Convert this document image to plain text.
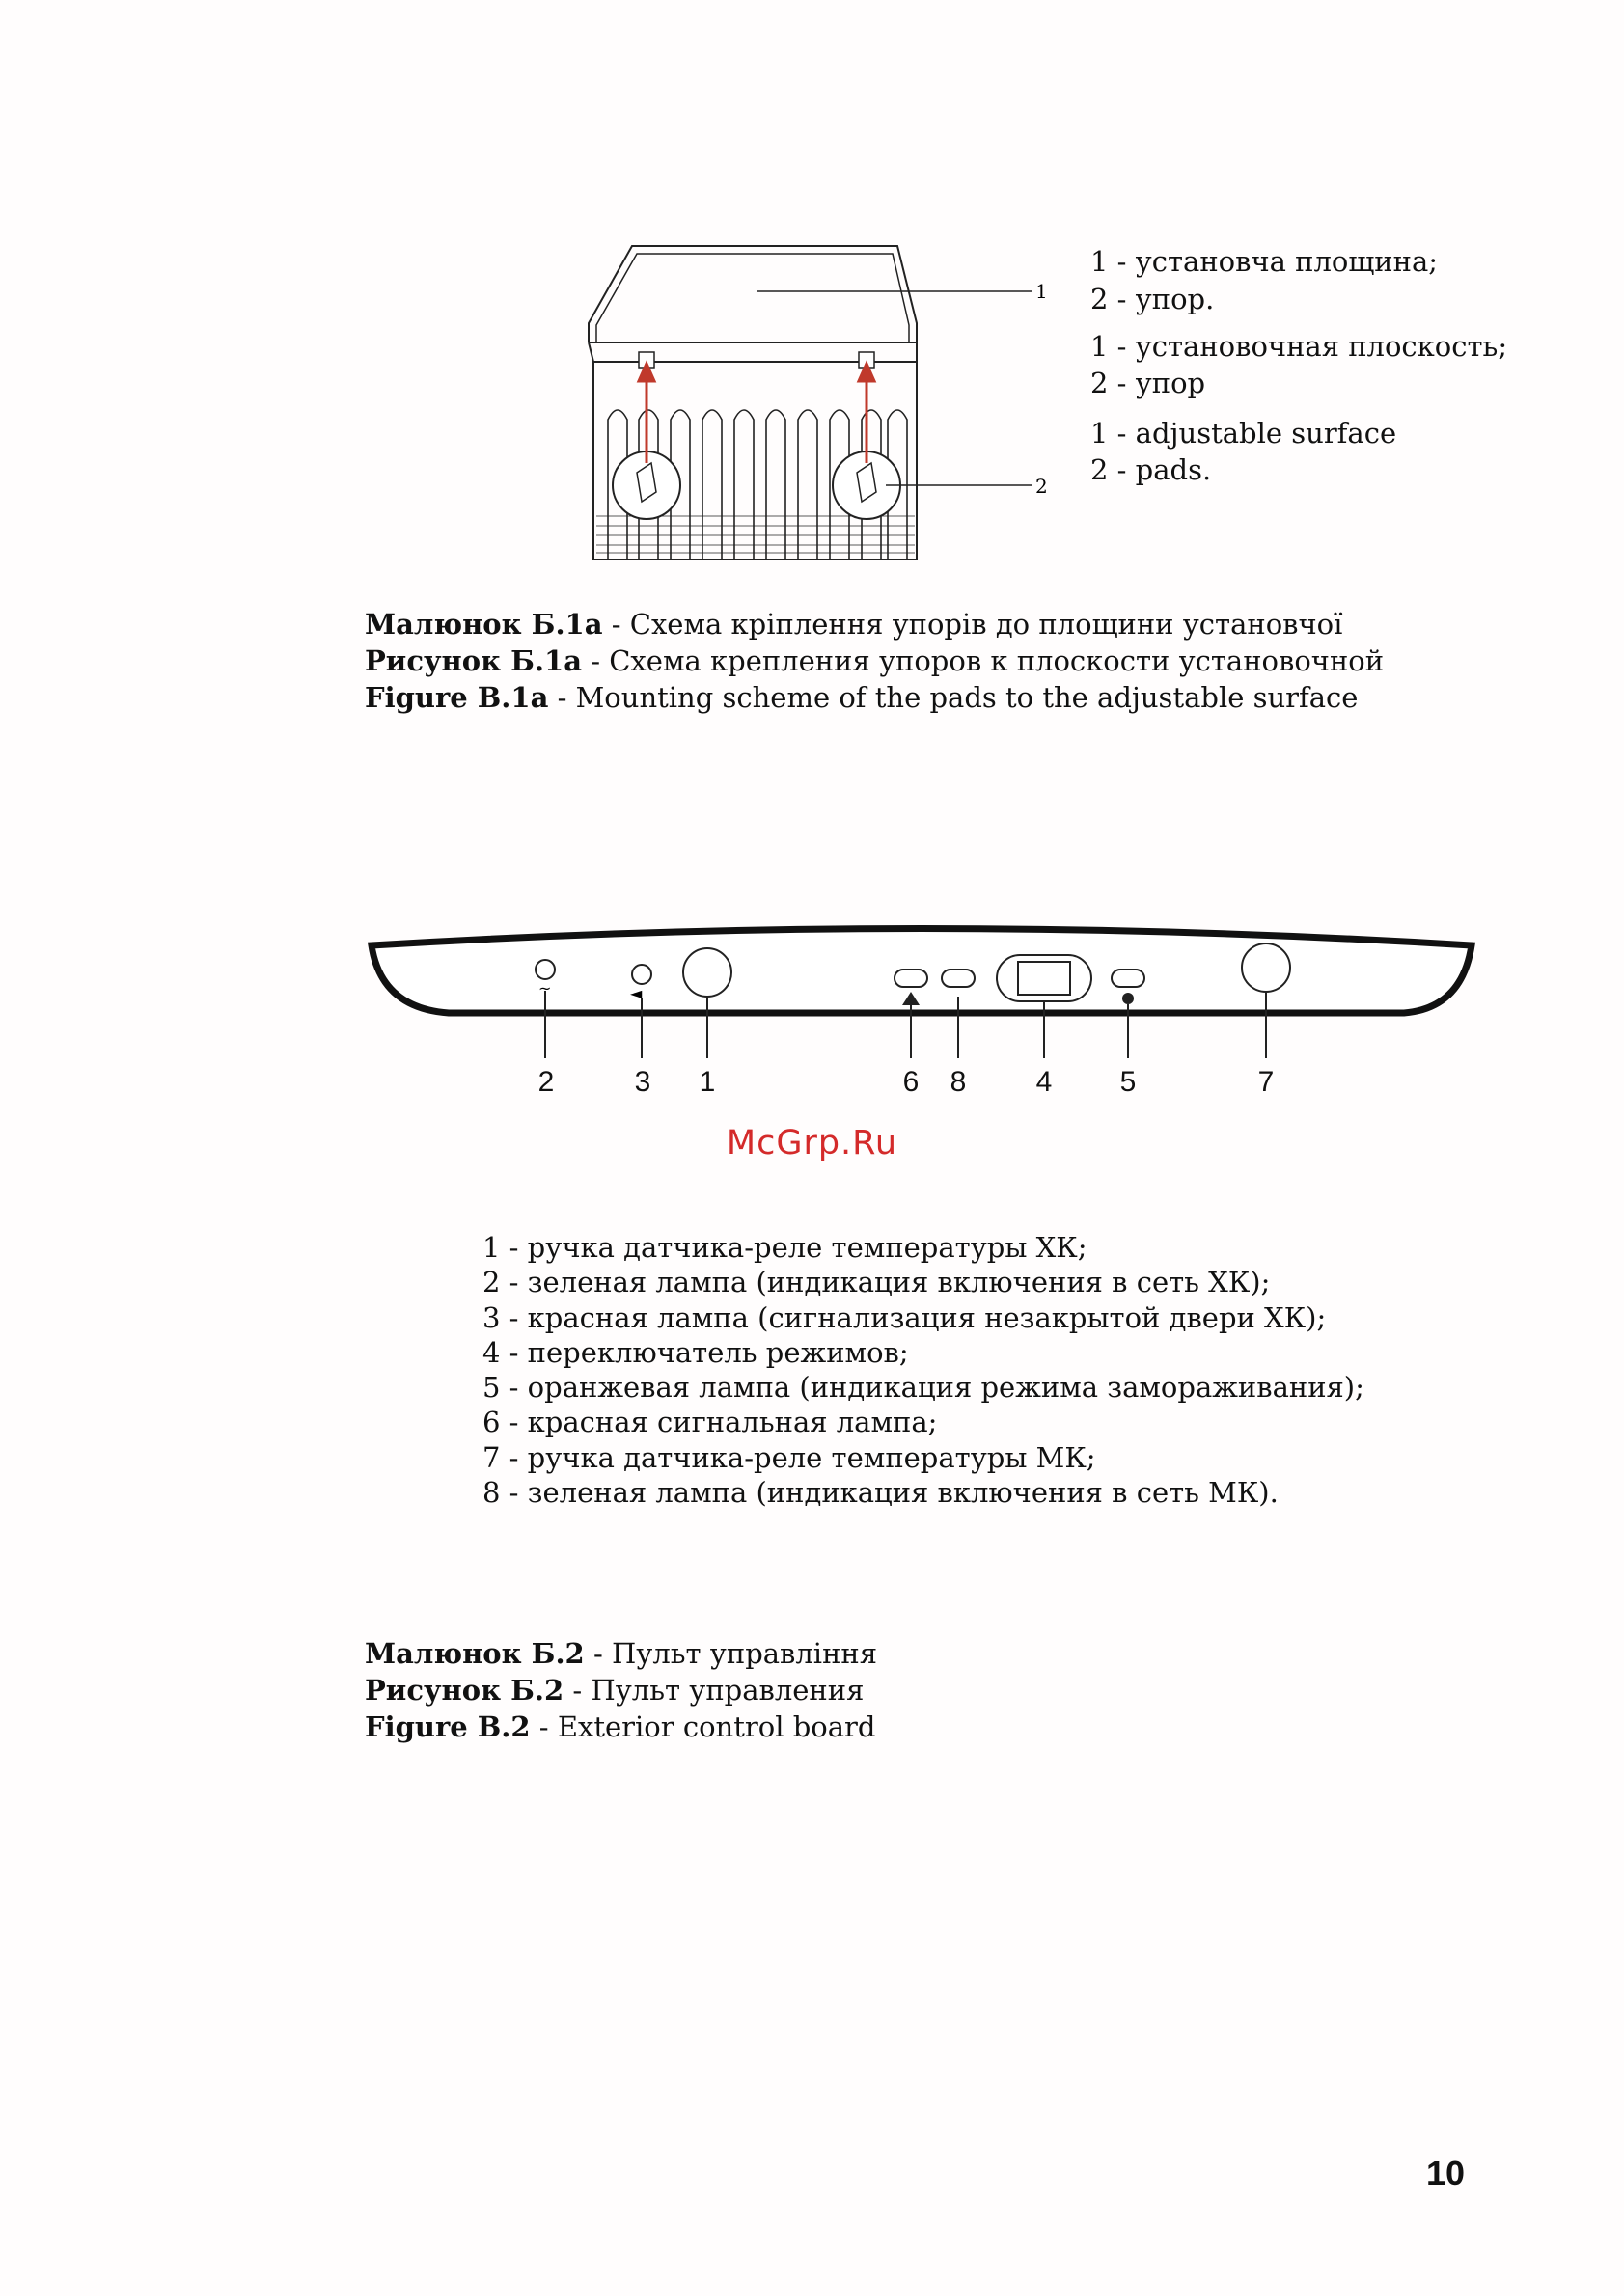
1
2
1 - установча площина;
2 - упор.
1 - установочная плоскость;
2 - упор
1 - adjustable surface
2 - pads.
Малюнок Б.1а - Схема кріплення упорів до площини установчої
Рисунок Б.1а - Схема крепления упоров к плоскости установочной
Figure B.1a - Mounting scheme of the pads to the adjustable surface
~	◄
2	3	1	6	8	4	5	7
McGrp.Ru
1 - ручка датчика-реле температуры ХК;
2 - зеленая лампа (индикация включения в сеть ХК);
3 - красная лампа (сигнализация незакрытой двери ХК);
4 - переключатель режимов;
5 - оранжевая лампа (индикация режима замораживания);
6 - красная сигнальная лампа;
7 - ручка датчика-реле температуры МК;
8 - зеленая лампа (индикация включения в сеть МК).
Малюнок Б.2 - Пульт управління
Рисунок Б.2 - Пульт управления
Figure B.2 - Exterior control board
10
